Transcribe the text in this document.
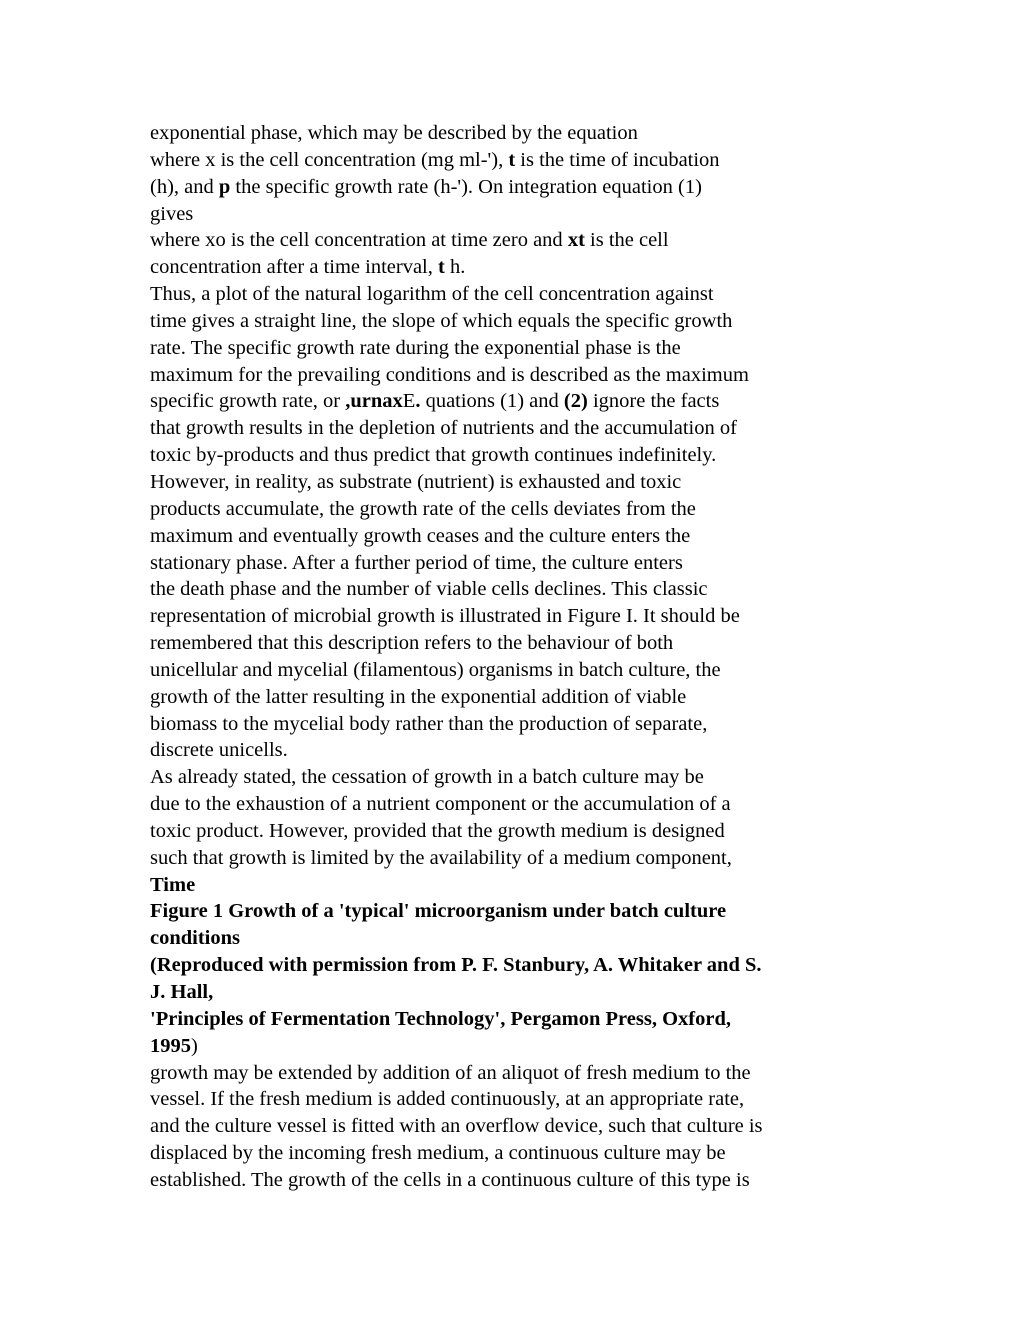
exponential phase, which may be described by the equation
where x is the cell concentration (mg ml-'), t is the time of incubation
(h), and p the specific growth rate (h-'). On integration equation (1)
gives
where xo is the cell concentration at time zero and xt is the cell
concentration after a time interval, t h.
Thus, a plot of the natural logarithm of the cell concentration against
time gives a straight line, the slope of which equals the specific growth
rate. The specific growth rate during the exponential phase is the
maximum for the prevailing conditions and is described as the maximum
specific growth rate, or ,urnaxE. quations (1) and (2) ignore the facts
that growth results in the depletion of nutrients and the accumulation of
toxic by-products and thus predict that growth continues indefinitely.
However, in reality, as substrate (nutrient) is exhausted and toxic
products accumulate, the growth rate of the cells deviates from the
maximum and eventually growth ceases and the culture enters the
stationary phase. After a further period of time, the culture enters
the death phase and the number of viable cells declines. This classic
representation of microbial growth is illustrated in Figure I. It should be
remembered that this description refers to the behaviour of both
unicellular and mycelial (filamentous) organisms in batch culture, the
growth of the latter resulting in the exponential addition of viable
biomass to the mycelial body rather than the production of separate,
discrete unicells.
As already stated, the cessation of growth in a batch culture may be
due to the exhaustion of a nutrient component or the accumulation of a
toxic product. However, provided that the growth medium is designed
such that growth is limited by the availability of a medium component,
Time
Figure 1 Growth of a 'typical' microorganism under batch culture
conditions
(Reproduced with permission from P. F. Stanbury, A. Whitaker and S.
J. Hall,
'Principles of Fermentation Technology', Pergamon Press, Oxford,
1995)
growth may be extended by addition of an aliquot of fresh medium to the
vessel. If the fresh medium is added continuously, at an appropriate rate,
and the culture vessel is fitted with an overflow device, such that culture is
displaced by the incoming fresh medium, a continuous culture may be
established. The growth of the cells in a continuous culture of this type is
